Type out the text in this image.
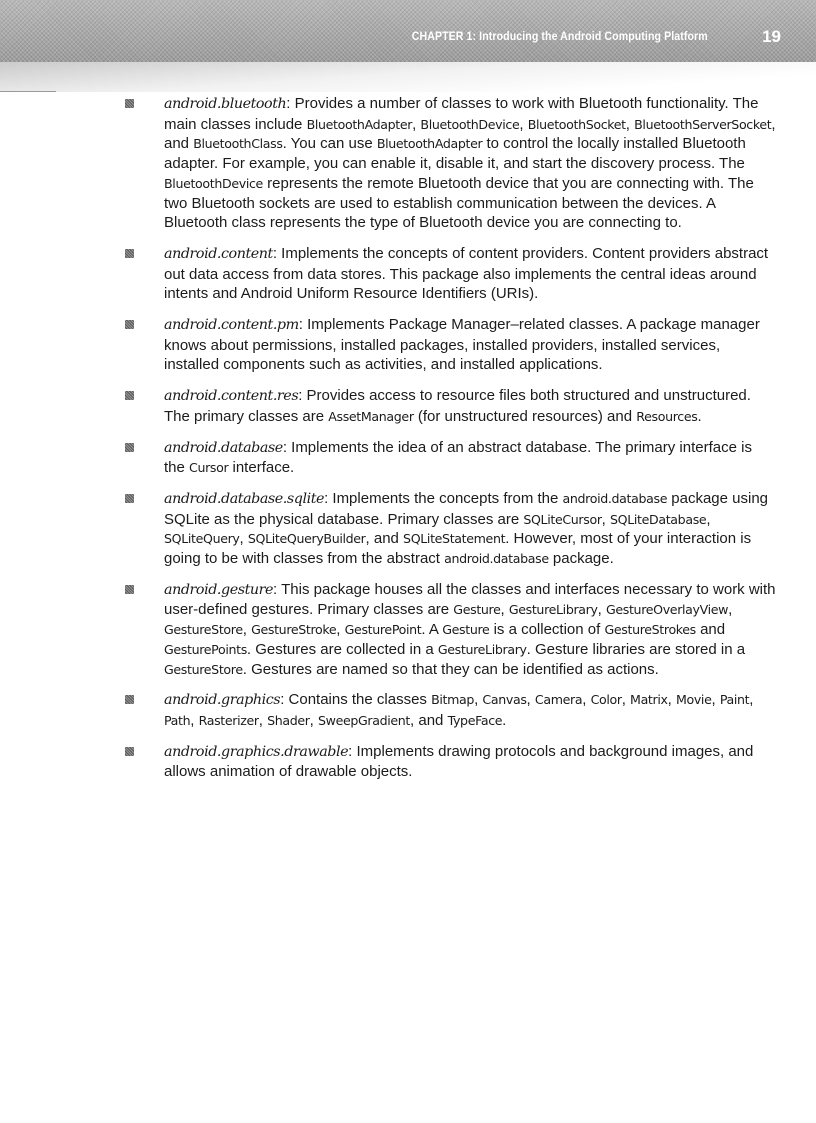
CHAPTER 1: Introducing the Android Computing Platform	19
android.bluetooth: Provides a number of classes to work with Bluetooth functionality. The main classes include BluetoothAdapter, BluetoothDevice, BluetoothSocket, BluetoothServerSocket, and BluetoothClass. You can use BluetoothAdapter to control the locally installed Bluetooth adapter. For example, you can enable it, disable it, and start the discovery process. The BluetoothDevice represents the remote Bluetooth device that you are connecting with. The two Bluetooth sockets are used to establish communication between the devices. A Bluetooth class represents the type of Bluetooth device you are connecting to.
android.content: Implements the concepts of content providers. Content providers abstract out data access from data stores. This package also implements the central ideas around intents and Android Uniform Resource Identifiers (URIs).
android.content.pm: Implements Package Manager–related classes. A package manager knows about permissions, installed packages, installed providers, installed services, installed components such as activities, and installed applications.
android.content.res: Provides access to resource files both structured and unstructured. The primary classes are AssetManager (for unstructured resources) and Resources.
android.database: Implements the idea of an abstract database. The primary interface is the Cursor interface.
android.database.sqlite: Implements the concepts from the android.database package using SQLite as the physical database. Primary classes are SQLiteCursor, SQLiteDatabase, SQLiteQuery, SQLiteQueryBuilder, and SQLiteStatement. However, most of your interaction is going to be with classes from the abstract android.database package.
android.gesture: This package houses all the classes and interfaces necessary to work with user-defined gestures. Primary classes are Gesture, GestureLibrary, GestureOverlayView, GestureStore, GestureStroke, GesturePoint. A Gesture is a collection of GestureStrokes and GesturePoints. Gestures are collected in a GestureLibrary. Gesture libraries are stored in a GestureStore. Gestures are named so that they can be identified as actions.
android.graphics: Contains the classes Bitmap, Canvas, Camera, Color, Matrix, Movie, Paint, Path, Rasterizer, Shader, SweepGradient, and TypeFace.
android.graphics.drawable: Implements drawing protocols and background images, and allows animation of drawable objects.
